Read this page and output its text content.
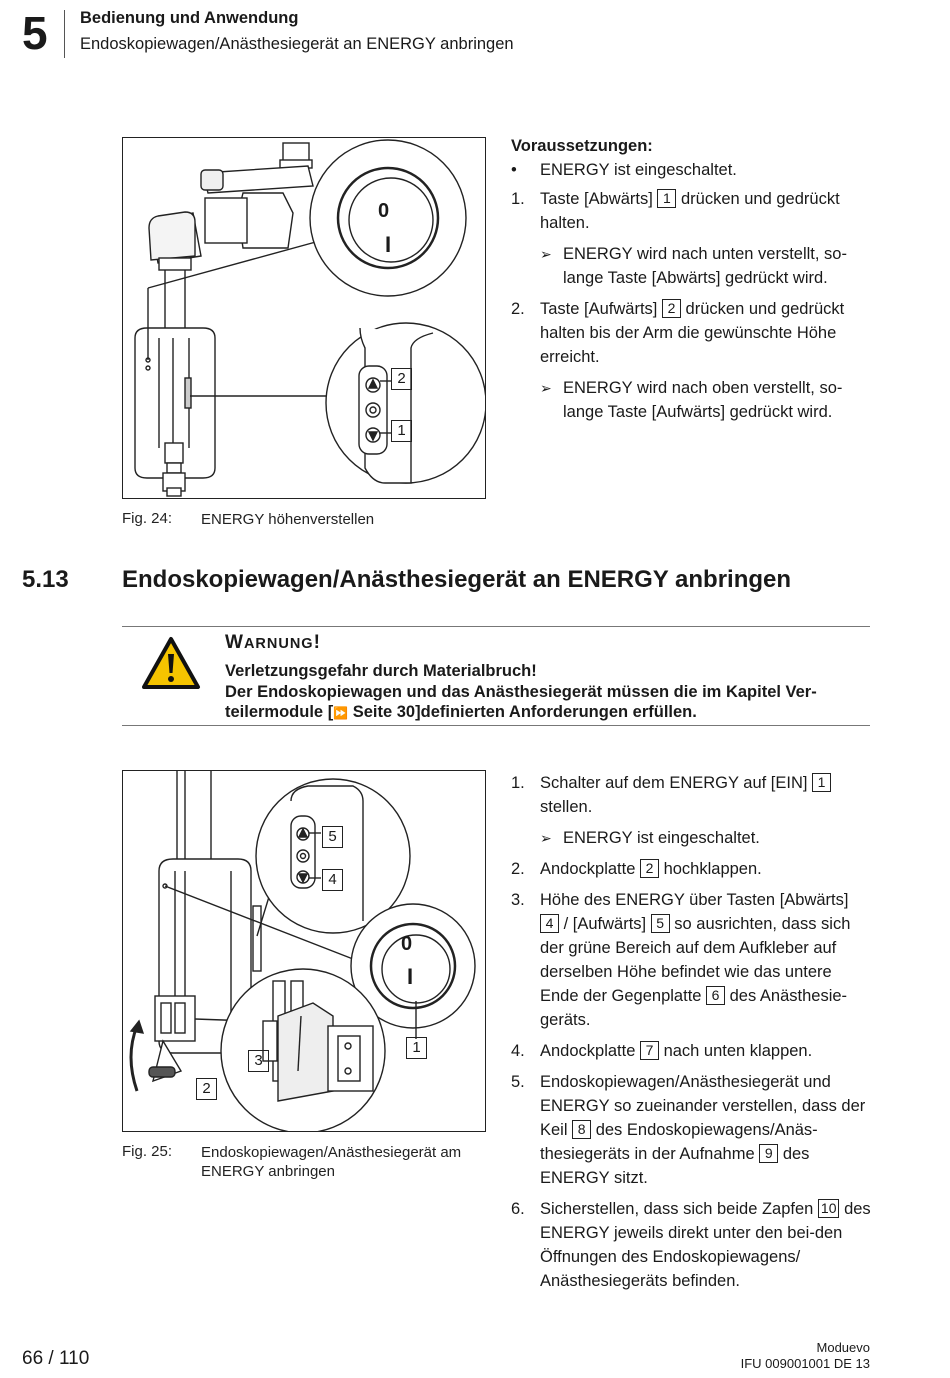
5 Bedienung und Anwendung
Endoskopiewagen/Anästhesiegerät an ENERGY anbringen
0
I
2
1
Fig. 24: ENERGY höhenverstellen
Voraussetzungen:
• ENERGY ist eingeschaltet.
1. Taste [Abwärts] 1 drücken und gedrückt halten.
➢ ENERGY wird nach unten verstellt, so-lange Taste [Abwärts] gedrückt wird.
2. Taste [Aufwärts] 2 drücken und gedrückt halten bis der Arm die gewünschte Höhe erreicht.
➢ ENERGY wird nach oben verstellt, so-lange Taste [Aufwärts] gedrückt wird.
5.13 Endoskopiewagen/Anästhesiegerät an ENERGY anbringen
WARNUNG!
Verletzungsgefahr durch Materialbruch!
Der Endoskopiewagen und das Anästhesiegerät müssen die im Kapitel Ver-teilermodule [⏩ Seite 30]definierten Anforderungen erfüllen.
0
I
5
4
1
3
2
Fig. 25: Endoskopiewagen/Anästhesiegerät am ENERGY anbringen
1. Schalter auf dem ENERGY auf [EIN] 1 stellen.
➢ ENERGY ist eingeschaltet.
2. Andockplatte 2 hochklappen.
3. Höhe des ENERGY über Tasten [Abwärts] 4 / [Aufwärts] 5 so ausrichten, dass sich der grüne Bereich auf dem Aufkleber auf derselben Höhe befindet wie das untere Ende der Gegenplatte 6 des Anästhesie-geräts.
4. Andockplatte 7 nach unten klappen.
5. Endoskopiewagen/Anästhesiegerät und ENERGY so zueinander verstellen, dass der Keil 8 des Endoskopiewagens/Anäs-thesiegeräts in der Aufnahme 9 des ENERGY sitzt.
6. Sicherstellen, dass sich beide Zapfen 10 des ENERGY jeweils direkt unter den bei-den Öffnungen des Endoskopiewagens/ Anästhesiegeräts befinden.
66 / 110
Moduevo
IFU 009001001 DE 13
